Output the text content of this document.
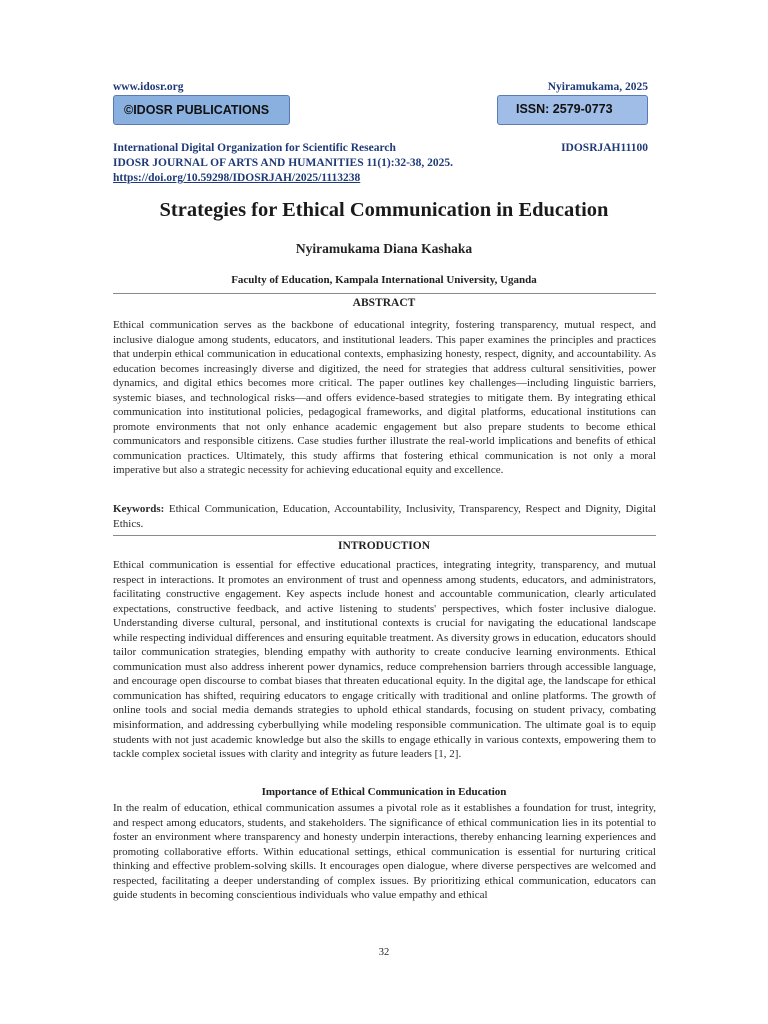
www.idosr.org	Nyiramukama, 2025
©IDOSR PUBLICATIONS	ISSN: 2579-0773
International Digital Organization for Scientific Research	IDOSRJAH11100
IDOSR JOURNAL OF ARTS AND HUMANITIES 11(1):32-38, 2025.
https://doi.org/10.59298/IDOSRJAH/2025/1113238
Strategies for Ethical Communication in Education
Nyiramukama Diana Kashaka
Faculty of Education, Kampala International University, Uganda
ABSTRACT
Ethical communication serves as the backbone of educational integrity, fostering transparency, mutual respect, and inclusive dialogue among students, educators, and institutional leaders. This paper examines the principles and practices that underpin ethical communication in educational contexts, emphasizing honesty, respect, dignity, and accountability. As education becomes increasingly diverse and digitized, the need for strategies that address cultural sensitivities, power dynamics, and digital ethics becomes more critical. The paper outlines key challenges—including linguistic barriers, systemic biases, and technological risks—and offers evidence-based strategies to mitigate them. By integrating ethical communication into institutional policies, pedagogical frameworks, and digital platforms, educational institutions can promote environments that not only enhance academic engagement but also prepare students to become ethical communicators and responsible citizens. Case studies further illustrate the real-world implications and benefits of ethical communication practices. Ultimately, this study affirms that fostering ethical communication is not only a moral imperative but also a strategic necessity for achieving educational equity and excellence.
Keywords: Ethical Communication, Education, Accountability, Inclusivity, Transparency, Respect and Dignity, Digital Ethics.
INTRODUCTION
Ethical communication is essential for effective educational practices, integrating integrity, transparency, and mutual respect in interactions. It promotes an environment of trust and openness among students, educators, and administrators, facilitating constructive engagement. Key aspects include honest and accountable communication, clearly articulated expectations, constructive feedback, and active listening to students' perspectives, which foster inclusive dialogue. Understanding diverse cultural, personal, and institutional contexts is crucial for navigating the educational landscape while respecting individual differences and ensuring equitable treatment. As diversity grows in education, educators should tailor communication strategies, blending empathy with authority to create conducive learning environments. Ethical communication must also address inherent power dynamics, reduce comprehension barriers through accessible language, and encourage open discourse to combat biases that threaten educational equity. In the digital age, the landscape for ethical communication has shifted, requiring educators to engage critically with traditional and online platforms. The growth of online tools and social media demands strategies to uphold ethical standards, focusing on student privacy, combating misinformation, and addressing cyberbullying while modeling responsible communication. The ultimate goal is to equip students with not just academic knowledge but also the skills to engage ethically in various contexts, empowering them to tackle complex societal issues with clarity and integrity as future leaders [1, 2].
Importance of Ethical Communication in Education
In the realm of education, ethical communication assumes a pivotal role as it establishes a foundation for trust, integrity, and respect among educators, students, and stakeholders. The significance of ethical communication lies in its potential to foster an environment where transparency and honesty underpin interactions, thereby enhancing learning experiences and promoting collaborative efforts. Within educational settings, ethical communication is essential for nurturing critical thinking and effective problem-solving skills. It encourages open dialogue, where diverse perspectives are welcomed and respected, facilitating a deeper understanding of complex issues. By prioritizing ethical communication, educators can guide students in becoming conscientious individuals who value empathy and ethical
32
